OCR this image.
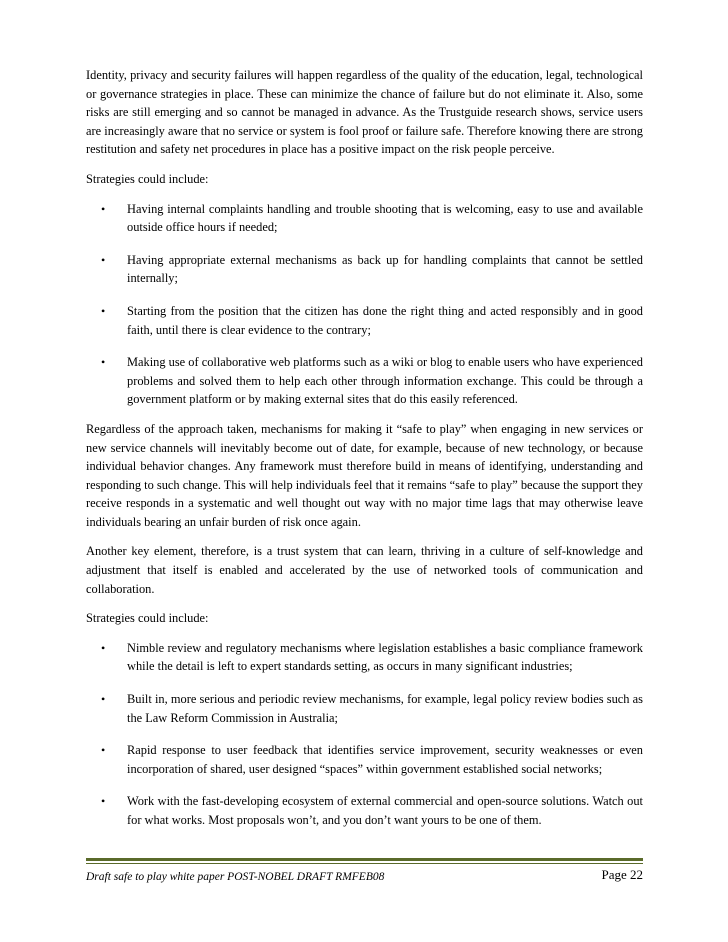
Identity, privacy and security failures will happen regardless of the quality of the education, legal, technological or governance strategies in place. These can minimize the chance of failure but do not eliminate it. Also, some risks are still emerging and so cannot be managed in advance. As the Trustguide research shows, service users are increasingly aware that no service or system is fool proof or failure safe. Therefore knowing there are strong restitution and safety net procedures in place has a positive impact on the risk people perceive.

Strategies could include:

• Having internal complaints handling and trouble shooting that is welcoming, easy to use and available outside office hours if needed;
• Having appropriate external mechanisms as back up for handling complaints that cannot be settled internally;
• Starting from the position that the citizen has done the right thing and acted responsibly and in good faith, until there is clear evidence to the contrary;
• Making use of collaborative web platforms such as a wiki or blog to enable users who have experienced problems and solved them to help each other through information exchange. This could be through a government platform or by making external sites that do this easily referenced.

Regardless of the approach taken, mechanisms for making it “safe to play” when engaging in new services or new service channels will inevitably become out of date, for example, because of new technology, or because individual behavior changes. Any framework must therefore build in means of identifying, understanding and responding to such change. This will help individuals feel that it remains “safe to play” because the support they receive responds in a systematic and well thought out way with no major time lags that may otherwise leave individuals bearing an unfair burden of risk once again.

Another key element, therefore, is a trust system that can learn, thriving in a culture of self-knowledge and adjustment that itself is enabled and accelerated by the use of networked tools of communication and collaboration.

Strategies could include:

• Nimble review and regulatory mechanisms where legislation establishes a basic compliance framework while the detail is left to expert standards setting, as occurs in many significant industries;
• Built in, more serious and periodic review mechanisms, for example, legal policy review bodies such as the Law Reform Commission in Australia;
• Rapid response to user feedback that identifies service improvement, security weaknesses or even incorporation of shared, user designed “spaces” within government established social networks;
• Work with the fast-developing ecosystem of external commercial and open-source solutions. Watch out for what works. Most proposals won’t, and you don’t want yours to be one of them.
Draft safe to play white paper POST-NOBEL DRAFT RMFEB08	Page 22
